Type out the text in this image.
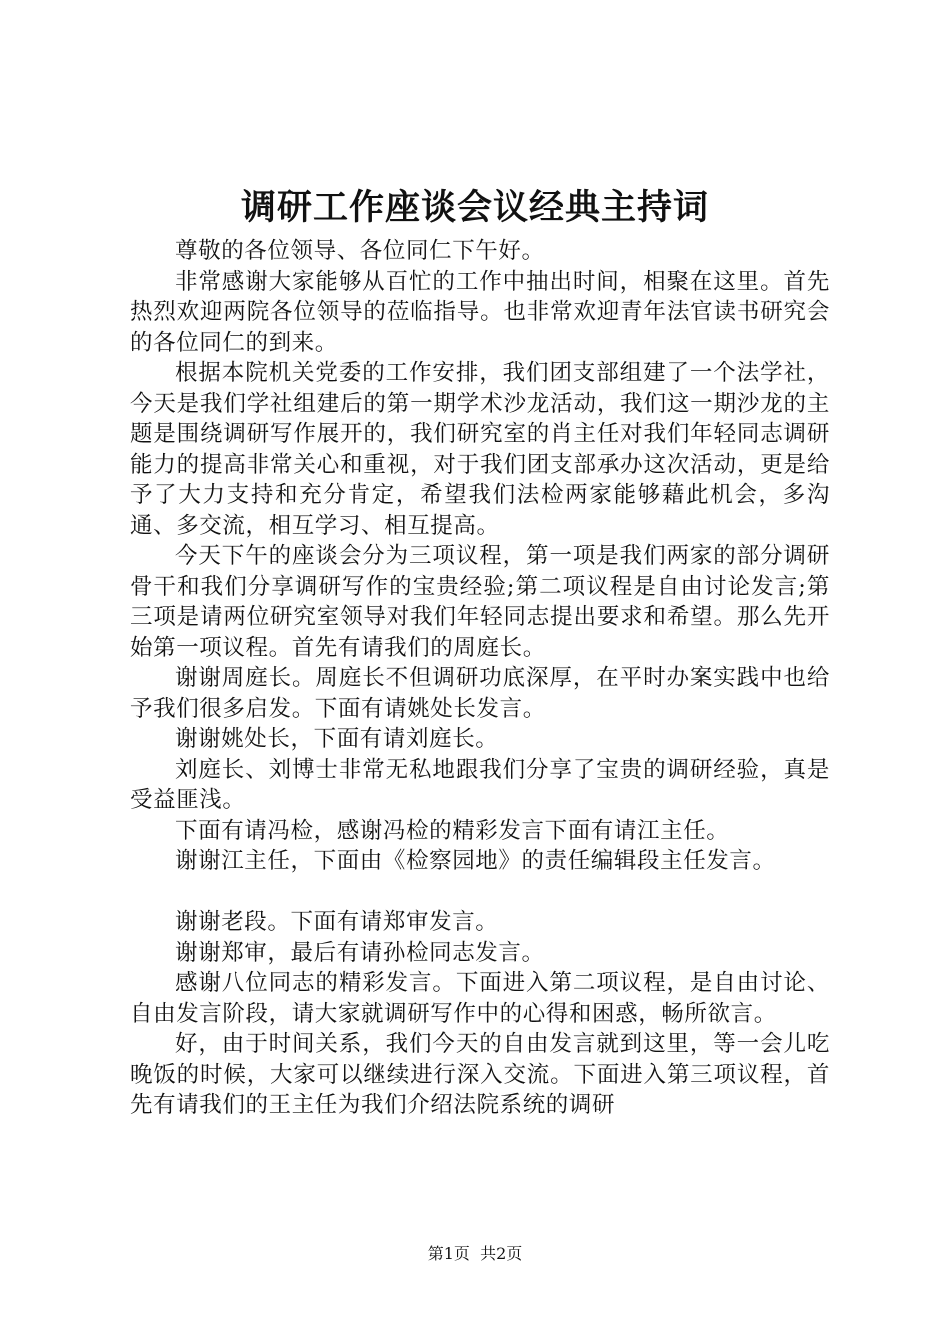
调研工作座谈会议经典主持词

尊敬的各位领导、各位同仁下午好。

非常感谢大家能够从百忙的工作中抽出时间，相聚在这里。首先热烈欢迎两院各位领导的莅临指导。也非常欢迎青年法官读书研究会的各位同仁的到来。

根据本院机关党委的工作安排，我们团支部组建了一个法学社，今天是我们学社组建后的第一期学术沙龙活动，我们这一期沙龙的主题是围绕调研写作展开的，我们研究室的肖主任对我们年轻同志调研能力的提高非常关心和重视，对于我们团支部承办这次活动，更是给予了大力支持和充分肯定，希望我们法检两家能够藉此机会，多沟通、多交流，相互学习、相互提高。

今天下午的座谈会分为三项议程，第一项是我们两家的部分调研骨干和我们分享调研写作的宝贵经验;第二项议程是自由讨论发言;第三项是请两位研究室领导对我们年轻同志提出要求和希望。那么先开始第一项议程。首先有请我们的周庭长。

谢谢周庭长。周庭长不但调研功底深厚，在平时办案实践中也给予我们很多启发。下面有请姚处长发言。

谢谢姚处长，下面有请刘庭长。

刘庭长、刘博士非常无私地跟我们分享了宝贵的调研经验，真是受益匪浅。

下面有请冯检，感谢冯检的精彩发言下面有请江主任。

谢谢江主任，下面由《检察园地》的责任编辑段主任发言。

谢谢老段。下面有请郑审发言。

谢谢郑审，最后有请孙检同志发言。

感谢八位同志的精彩发言。下面进入第二项议程，是自由讨论、自由发言阶段，请大家就调研写作中的心得和困惑，畅所欲言。

好，由于时间关系，我们今天的自由发言就到这里，等一会儿吃晚饭的时候，大家可以继续进行深入交流。下面进入第三项议程，首先有请我们的王主任为我们介绍法院系统的调研

第1页  共2页
